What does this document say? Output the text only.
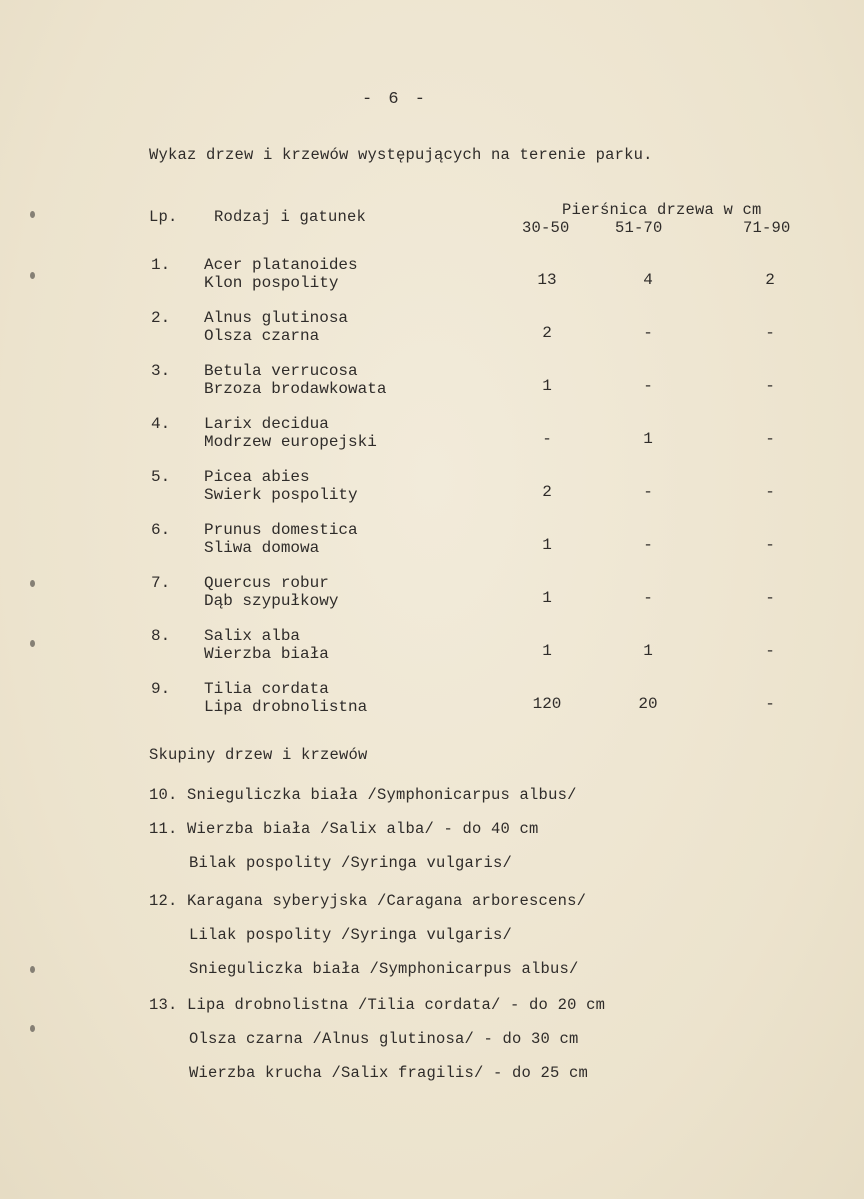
- 6 -
Wykaz drzew i krzewów występujących na terenie parku.
Lp. Rodzaj i gatunek	Pierśnica drzewa w cm
30-50	51-70	71-90
1. Acer platanoides
Klon pospolity	13	4	2
2. Alnus glutinosa
Olsza czarna	2	-	-
3. Betula verrucosa
Brzoza brodawkowata	1	-	-
4. Larix decidua
Modrzew europejski	-	1	-
5. Picea abies
Swierk pospolity	2	-	-
6. Prunus domestica
Sliwa domowa	1	-	-
7. Quercus robur
Dąb szypułkowy	1	-	-
8. Salix alba
Wierzba biała	1	1	-
9. Tilia cordata
Lipa drobnolistna	120	20	-
Skupiny drzew i krzewów
10. Snieguliczka biała /Symphonicarpus albus/
11. Wierzba biała /Salix alba/ - do 40 cm
Bilak pospolity /Syringa vulgaris/
12. Karagana syberyjska /Caragana arborescens/
Lilak pospolity /Syringa vulgaris/
Snieguliczka biała /Symphonicarpus albus/
13. Lipa drobnolistna /Tilia cordata/ - do 20 cm
Olsza czarna /Alnus glutinosa/ - do 30 cm
Wierzba krucha /Salix fragilis/ - do 25 cm
